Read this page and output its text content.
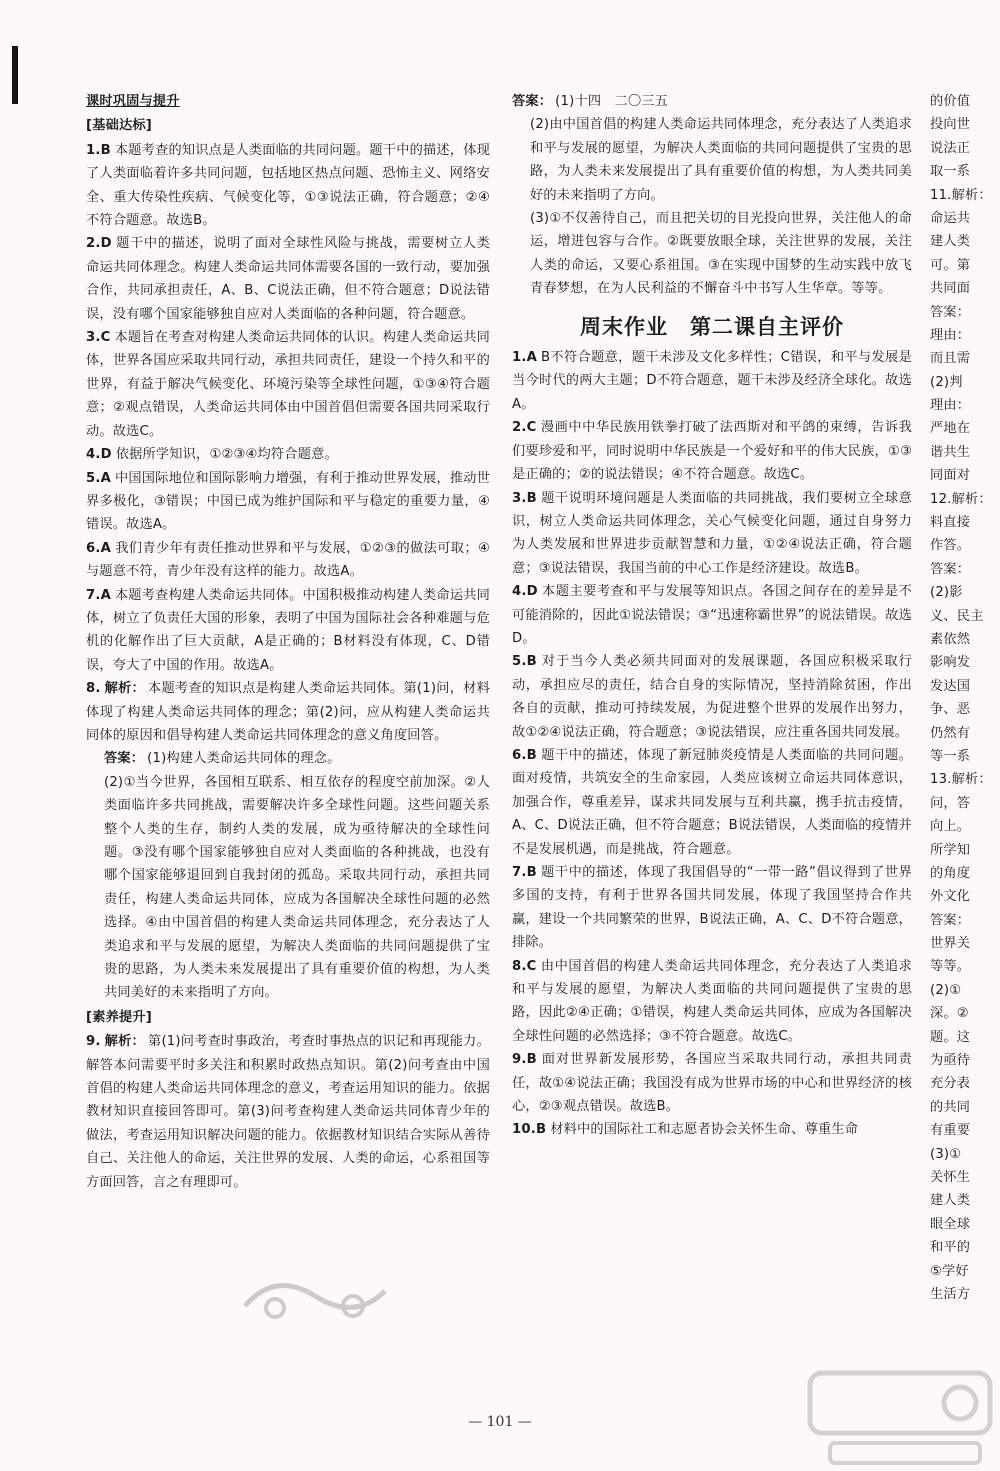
课时巩固与提升

[基础达标]

1.B 本题考查的知识点是人类面临的共同问题。题干中的描述，体现了人类面临着许多共同问题，包括地区热点问题、恐怖主义、网络安全、重大传染性疾病、气候变化等，①③说法正确，符合题意；②④不符合题意。故选B。

2.D 题干中的描述，说明了面对全球性风险与挑战，需要树立人类命运共同体理念。构建人类命运共同体需要各国的一致行动，要加强合作，共同承担责任，A、B、C说法正确，但不符合题意；D说法错误，没有哪个国家能够独自应对人类面临的各种问题，符合题意。

3.C 本题旨在考查对构建人类命运共同体的认识。构建人类命运共同体，世界各国应采取共同行动，承担共同责任，建设一个持久和平的世界，有益于解决气候变化、环境污染等全球性问题，①③④符合题意；②观点错误，人类命运共同体由中国首倡但需要各国共同采取行动。故选C。

4.D 依据所学知识，①②③④均符合题意。

5.A 中国国际地位和国际影响力增强，有利于推动世界发展，推动世界多极化，③错误；中国已成为维护国际和平与稳定的重要力量，④错误。故选A。

6.A 我们青少年有责任推动世界和平与发展，①②③的做法可取；④与题意不符，青少年没有这样的能力。故选A。

7.A 本题考查构建人类命运共同体。中国积极推动构建人类命运共同体，树立了负责任大国的形象，表明了中国为国际社会各种难题与危机的化解作出了巨大贡献，A是正确的；B材料没有体现，C、D错误，夸大了中国的作用。故选A。

8. 解析： 本题考查的知识点是构建人类命运共同体。第(1)问，材料体现了构建人类命运共同体的理念；第(2)问，应从构建人类命运共同体的原因和倡导构建人类命运共同体理念的意义角度回答。

答案： (1)构建人类命运共同体的理念。

(2)①当今世界，各国相互联系、相互依存的程度空前加深。②人类面临许多共同挑战，需要解决许多全球性问题。这些问题关系整个人类的生存，制约人类的发展，成为亟待解决的全球性问题。③没有哪个国家能够独自应对人类面临的各种挑战，也没有哪个国家能够退回到自我封闭的孤岛。采取共同行动，承担共同责任，构建人类命运共同体，应成为各国解决全球性问题的必然选择。④由中国首倡的构建人类命运共同体理念，充分表达了人类追求和平与发展的愿望，为解决人类面临的共同问题提供了宝贵的思路，为人类未来发展提出了具有重要价值的构想，为人类共同美好的未来指明了方向。

[素养提升]

9. 解析： 第(1)问考查时事政治，考查时事热点的识记和再现能力。解答本问需要平时多关注和积累时政热点知识。第(2)问考查由中国首倡的构建人类命运共同体理念的意义，考查运用知识的能力。依据教材知识直接回答即可。第(3)问考查构建人类命运共同体青少年的做法，考查运用知识解决问题的能力。依据教材知识结合实际从善待自己、关注他人的命运，关注世界的发展、人类的命运，心系祖国等方面回答，言之有理即可。

答案： (1)十四　二〇三五

(2)由中国首倡的构建人类命运共同体理念，充分表达了人类追求和平与发展的愿望，为解决人类面临的共同问题提供了宝贵的思路，为人类未来发展提出了具有重要价值的构想，为人类共同美好的未来指明了方向。

(3)①不仅善待自己，而且把关切的目光投向世界，关注他人的命运，增进包容与合作。②既要放眼全球，关注世界的发展，关注人类的命运，又要心系祖国。③在实现中国梦的生动实践中放飞青春梦想，在为人民利益的不懈奋斗中书写人生华章。等等。

周末作业　第二课自主评价

1.A B不符合题意，题干未涉及文化多样性；C错误，和平与发展是当今时代的两大主题；D不符合题意，题干未涉及经济全球化。故选A。

2.C 漫画中中华民族用铁拳打破了法西斯对和平鸽的束缚，告诉我们要珍爱和平，同时说明中华民族是一个爱好和平的伟大民族，①③是正确的；②的说法错误；④不符合题意。故选C。

3.B 题干说明环境问题是人类面临的共同挑战，我们要树立全球意识，树立人类命运共同体理念，关心气候变化问题，通过自身努力为人类发展和世界进步贡献智慧和力量，①②④说法正确，符合题意；③说法错误，我国当前的中心工作是经济建设。故选B。

4.D 本题主要考查和平与发展等知识点。各国之间存在的差异是不可能消除的，因此①说法错误；③“迅速称霸世界”的说法错误。故选D。

5.B 对于当今人类必须共同面对的发展课题，各国应积极采取行动，承担应尽的责任，结合自身的实际情况，坚持消除贫困，作出各自的贡献，推动可持续发展，为促进整个世界的发展作出努力，故①②④说法正确，符合题意；③说法错误，应注重各国共同发展。

6.B 题干中的描述，体现了新冠肺炎疫情是人类面临的共同问题。面对疫情，共筑安全的生命家园，人类应该树立命运共同体意识，加强合作，尊重差异，谋求共同发展与互利共赢，携手抗击疫情，A、C、D说法正确，但不符合题意；B说法错误，人类面临的疫情并不是发展机遇，而是挑战，符合题意。

7.B 题干中的描述，体现了我国倡导的“一带一路”倡议得到了世界多国的支持，有利于世界各国共同发展，体现了我国坚持合作共赢，建设一个共同繁荣的世界，B说法正确，A、C、D不符合题意，排除。

8.C 由中国首倡的构建人类命运共同体理念，充分表达了人类追求和平与发展的愿望，为解决人类面临的共同问题提供了宝贵的思路，因此②④正确；①错误，构建人类命运共同体，应成为各国解决全球性问题的必然选择；③不符合题意。故选C。

9.B 面对世界新发展形势，各国应当采取共同行动，承担共同责任，故①④说法正确；我国没有成为世界市场的中心和世界经济的核心，②③观点错误。故选B。

10.B 材料中的国际社工和志愿者协会关怀生命、尊重生命

的价值
投向世
说法正
取一系
11.解析：
命运共
建人类
可。第
共同面
答案：
理由：
而且需
(2)判
理由：
严地在
谐共生
同面对
12.解析：
料直接
作答。
答案：
(2)影
义、民主
素依然
影响发
发达国
争、恶
仍然有
等一系
13.解析：
问，答
向上。
所学知
的角度
外文化
答案：
世界关
等等。
(2)①
深。②
题。这
为亟待
充分表
的共同
有重要
(3)①
关怀生
建人类
眼全球
和平的
⑤学好
生活方
— 101 —
